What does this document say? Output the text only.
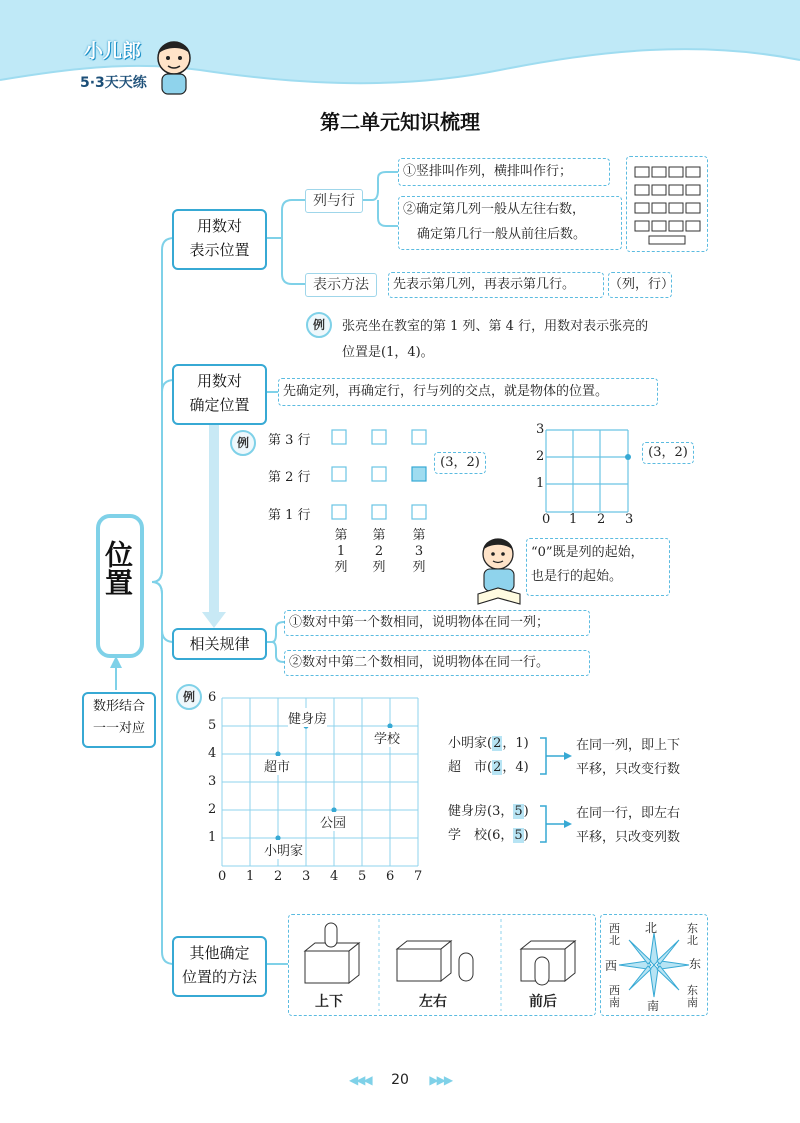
小儿郎
5·3天天练
第二单元知识梳理
位置
数形结合
一一对应
用数对
表示位置
列与行
①竖排叫作列，横排叫作行；
②确定第几列一般从左往右数，
确定第几行一般从前往后数。
表示方法	先表示第几列，再表示第几行。	（列，行）
例	张亮坐在教室的第 1 列、第 4 行，用数对表示张亮的
位置是(1，4)。
用数对
确定位置
先确定列，再确定行，行与列的交点，就是物体的位置。
例	第 3 行
第 2 行
第 1 行
第
1
列
第
2
列
第
3
列
(3，2)
3
2
1
0 1 2 3
(3，2)
“0”既是列的起始，
也是行的起始。
相关规律
①数对中第一个数相同，说明物体在同一列；
②数对中第二个数相同，说明物体在同一行。
例	6
5
4
3
2
1
0 1 2 3 4 5 6 7
健身房
学校
超市
公园
小明家
小明家(2，1)
超　市(2，4)
在同一列，即上下
平移，只改变行数
健身房(3，5)
学　校(6，5)
在同一行，即左右
平移，只改变列数
其他确定
位置的方法
上下	左右	前后
北
南
西	东
西北
东北
西南
东南
◀◀◀ 20 ▶▶▶
